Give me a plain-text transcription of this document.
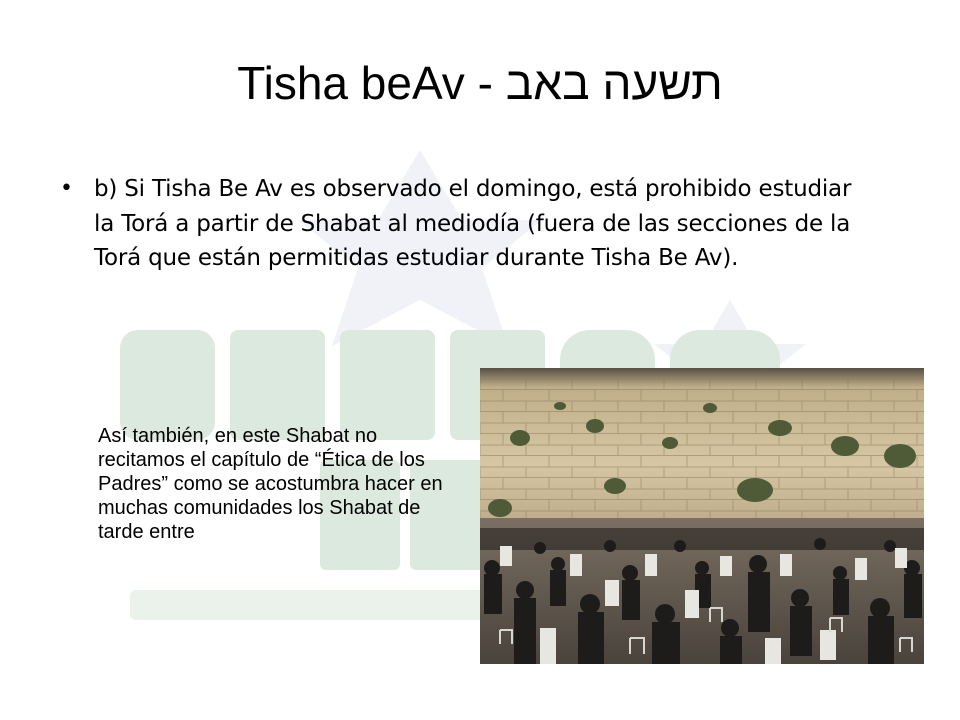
Tisha beAv - תשעה באב
• b) Si Tisha Be Av es observado el domingo, está prohibido estudiar la Torá a partir de Shabat al mediodía (fuera de las secciones de la Torá que están permitidas estudiar durante Tisha Be Av).
Así también, en este Shabat no recitamos el capítulo de “Ética de los Padres” como se acostumbra hacer en muchas comunidades los Shabat de tarde entre
